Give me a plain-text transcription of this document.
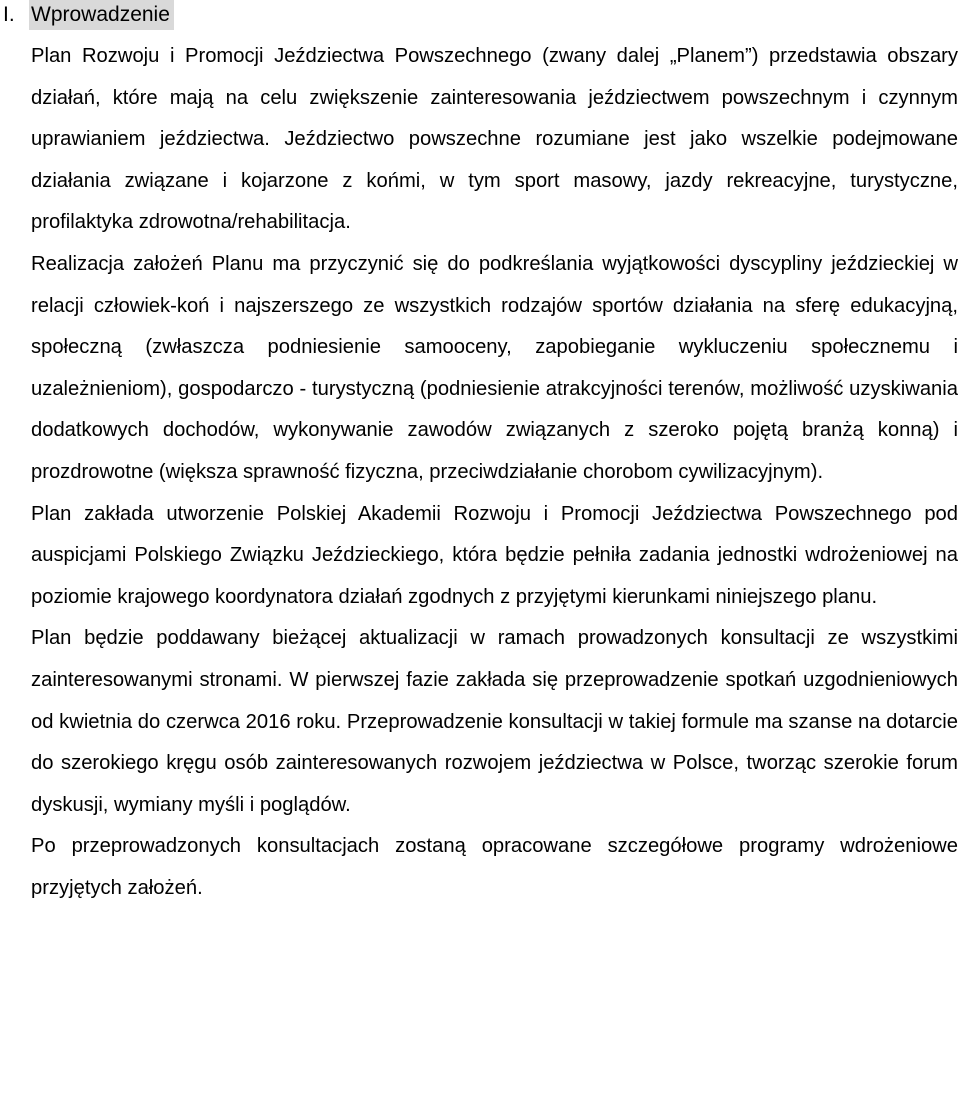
I. Wprowadzenie

Plan Rozwoju i Promocji Jeździectwa Powszechnego (zwany dalej „Planem”) przedstawia obszary działań, które mają na celu zwiększenie zainteresowania jeździectwem powszechnym i czynnym uprawianiem jeździectwa. Jeździectwo powszechne rozumiane jest jako wszelkie podejmowane działania związane i kojarzone z końmi, w tym sport masowy, jazdy rekreacyjne, turystyczne, profilaktyka zdrowotna/rehabilitacja.

Realizacja założeń Planu ma przyczynić się do podkreślania wyjątkowości dyscypliny jeździeckiej w relacji człowiek-koń i najszerszego ze wszystkich rodzajów sportów działania na sferę edukacyjną, społeczną (zwłaszcza podniesienie samooceny, zapobieganie wykluczeniu społecznemu i uzależnieniom), gospodarczo - turystyczną (podniesienie atrakcyjności terenów, możliwość uzyskiwania dodatkowych dochodów, wykonywanie zawodów związanych z szeroko pojętą branżą konną) i prozdrowotne (większa sprawność fizyczna, przeciwdziałanie chorobom cywilizacyjnym).

Plan zakłada utworzenie Polskiej Akademii Rozwoju i Promocji Jeździectwa Powszechnego pod auspicjami Polskiego Związku Jeździeckiego, która będzie pełniła zadania jednostki wdrożeniowej na poziomie krajowego koordynatora działań zgodnych z przyjętymi kierunkami niniejszego planu.

Plan będzie poddawany bieżącej aktualizacji w ramach prowadzonych konsultacji ze wszystkimi zainteresowanymi stronami. W pierwszej fazie zakłada się przeprowadzenie spotkań uzgodnieniowych od kwietnia do czerwca 2016 roku. Przeprowadzenie konsultacji w takiej formule ma szanse na dotarcie do szerokiego kręgu osób zainteresowanych rozwojem jeździectwa w Polsce, tworząc szerokie forum dyskusji, wymiany myśli i poglądów.

Po przeprowadzonych konsultacjach zostaną opracowane szczegółowe programy wdrożeniowe przyjętych założeń.
